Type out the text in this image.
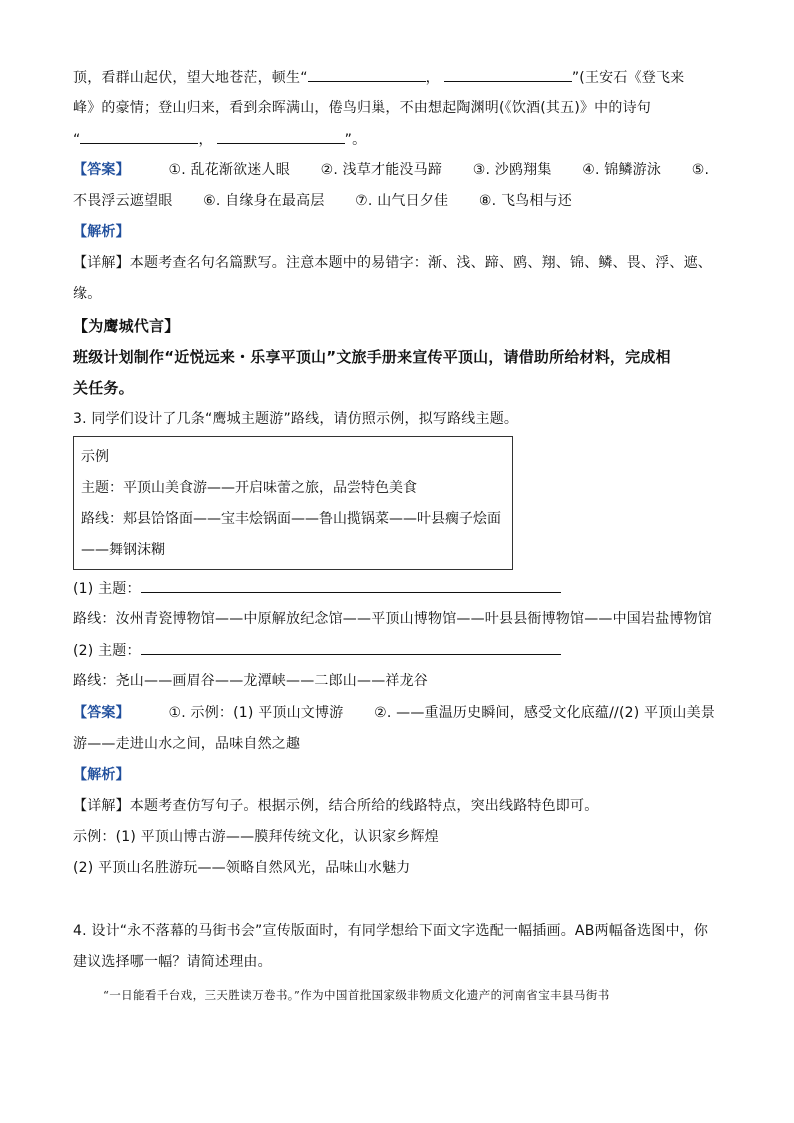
顶，看群山起伏，望大地苍茫，顿生“	，	”(王安石《登飞来
峰》的豪情；登山归来，看到余晖满山，倦鸟归巢，不由想起陶渊明(《饮酒(其五)》中的诗句
“	，	”。
【答案】	①. 乱花渐欲迷人眼 ②. 浅草才能没马蹄 ③. 沙鸥翔集 ④. 锦鳞游泳 ⑤.
不畏浮云遮望眼 ⑥. 自缘身在最高层 ⑦. 山气日夕佳 ⑧. 飞鸟相与还
【解析】
【详解】本题考查名句名篇默写。注意本题中的易错字：渐、浅、蹄、鸥、翔、锦、鳞、畏、浮、遮、
缘。
【为鹰城代言】
班级计划制作“近悦远来・乐享平顶山”文旅手册来宣传平顶山，请借助所给材料，完成相
关任务。
3. 同学们设计了几条“鹰城主题游”路线，请仿照示例，拟写路线主题。
示例
主题：平顶山美食游——开启味蕾之旅，品尝特色美食
路线：郏县饸饹面——宝丰烩锅面——鲁山揽锅菜——叶县瘸子烩面
——舞钢沫糊
(1) 主题：
路线：汝州青瓷博物馆——中原解放纪念馆——平顶山博物馆——叶县县衙博物馆——中国岩盐博物馆
(2) 主题：
路线：尧山——画眉谷——龙潭峡——二郎山——祥龙谷
【答案】	①. 示例：(1) 平顶山文博游 ②. ——重温历史瞬间，感受文化底蕴//(2) 平顶山美景
游——走进山水之间，品味自然之趣
【解析】
【详解】本题考查仿写句子。根据示例，结合所给的线路特点，突出线路特色即可。
示例：(1) 平顶山博古游——膜拜传统文化，认识家乡辉煌
(2) 平顶山名胜游玩——领略自然风光，品味山水魅力
4. 设计“永不落幕的马街书会”宣传版面时，有同学想给下面文字选配一幅插画。AB两幅备选图中，你
建议选择哪一幅？请简述理由。
“一日能看千台戏，三天胜读万卷书。”作为中国首批国家级非物质文化遗产的河南省宝丰县马街书
